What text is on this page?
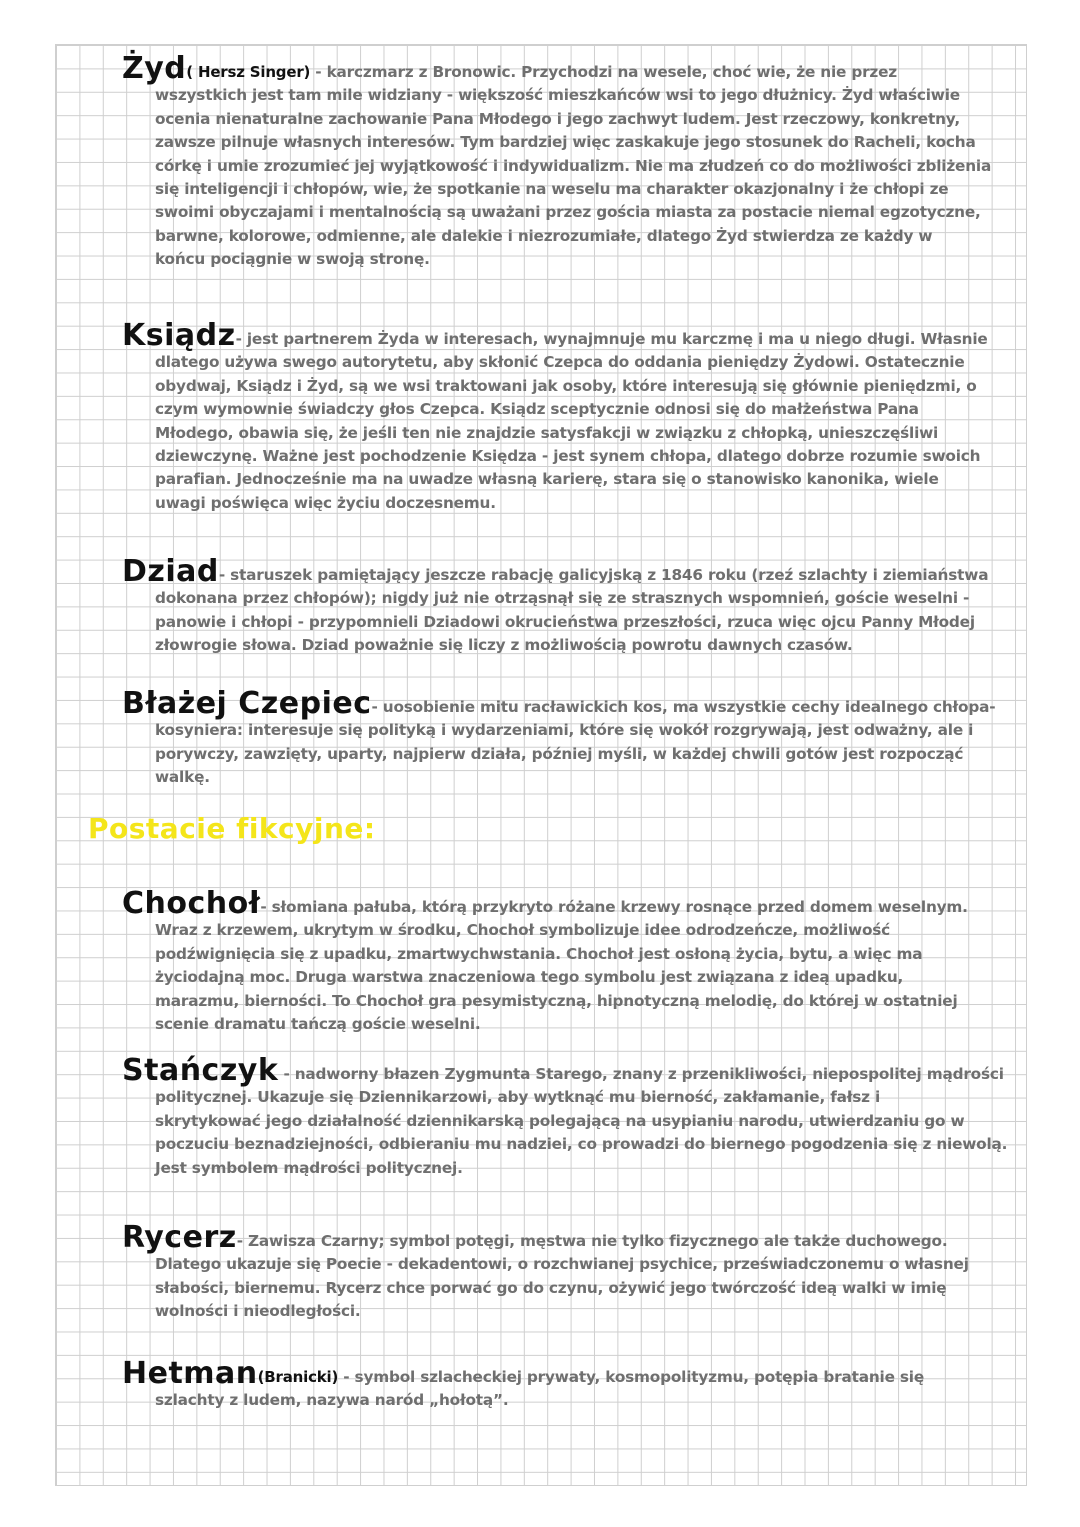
Żyd( Hersz Singer) - karczmarz z Bronowic. Przychodzi na wesele, choć wie, że nie przez
wszystkich jest tam mile widziany - większość mieszkańców wsi to jego dłużnicy. Żyd właściwie
ocenia nienaturalne zachowanie Pana Młodego i jego zachwyt ludem. Jest rzeczowy, konkretny,
zawsze pilnuje własnych interesów. Tym bardziej więc zaskakuje jego stosunek do Racheli, kocha
córkę i umie zrozumieć jej wyjątkowość i indywidualizm. Nie ma złudzeń co do możliwości zbliżenia
się inteligencji i chłopów, wie, że spotkanie na weselu ma charakter okazjonalny i że chłopi ze
swoimi obyczajami i mentalnością są uważani przez gościa miasta za postacie niemal egzotyczne,
barwne, kolorowe, odmienne, ale dalekie i niezrozumiałe, dlatego Żyd stwierdza ze każdy w
końcu pociągnie w swoją stronę.
Ksiądz- jest partnerem Żyda w interesach, wynajmnuje mu karczmę i ma u niego długi. Własnie
dlatego używa swego autorytetu, aby skłonić Czepca do oddania pieniędzy Żydowi. Ostatecznie
obydwaj, Ksiądz i Żyd, są we wsi traktowani jak osoby, które interesują się głównie pieniędzmi, o
czym wymownie świadczy głos Czepca. Ksiądz sceptycznie odnosi się do małżeństwa Pana
Młodego, obawia się, że jeśli ten nie znajdzie satysfakcji w związku z chłopką, unieszczęśliwi
dziewczynę. Ważne jest pochodzenie Księdza - jest synem chłopa, dlatego dobrze rozumie swoich
parafian. Jednocześnie ma na uwadze własną karierę, stara się o stanowisko kanonika, wiele
uwagi poświęca więc życiu doczesnemu.
Dziad- staruszek pamiętający jeszcze rabację galicyjską z 1846 roku (rzeź szlachty i ziemiaństwa
dokonana przez chłopów); nigdy już nie otrząsnął się ze strasznych wspomnień, goście weselni -
panowie i chłopi - przypomnieli Dziadowi okrucieństwa przeszłości, rzuca więc ojcu Panny Młodej
złowrogie słowa. Dziad poważnie się liczy z możliwością powrotu dawnych czasów.
Błażej Czepiec- uosobienie mitu racławickich kos, ma wszystkie cechy idealnego chłopa-
kosyniera: interesuje się polityką i wydarzeniami, które się wokół rozgrywają, jest odważny, ale i
porywczy, zawzięty, uparty, najpierw działa, później myśli, w każdej chwili gotów jest rozpocząć
walkę.
Postacie fikcyjne:
Chochoł- słomiana pałuba, którą przykryto różane krzewy rosnące przed domem weselnym.
Wraz z krzewem, ukrytym w środku, Chochoł symbolizuje idee odrodzeńcze, możliwość
podźwignięcia się z upadku, zmartwychwstania. Chochoł jest osłoną życia, bytu, a więc ma
życiodajną moc. Druga warstwa znaczeniowa tego symbolu jest związana z ideą upadku,
marazmu, bierności. To Chochoł gra pesymistyczną, hipnotyczną melodię, do której w ostatniej
scenie dramatu tańczą goście weselni.
Stańczyk - nadworny błazen Zygmunta Starego, znany z przenikliwości, niepospolitej mądrości
politycznej. Ukazuje się Dziennikarzowi, aby wytknąć mu bierność, zakłamanie, fałsz i
skrytykować jego działalność dziennikarską polegającą na usypianiu narodu, utwierdzaniu go w
poczuciu beznadziejności, odbieraniu mu nadziei, co prowadzi do biernego pogodzenia się z niewolą.
Jest symbolem mądrości politycznej.
Rycerz- Zawisza Czarny; symbol potęgi, męstwa nie tylko fizycznego ale także duchowego.
Dlatego ukazuje się Poecie - dekadentowi, o rozchwianej psychice, przeświadczonemu o własnej
słabości, biernemu. Rycerz chce porwać go do czynu, ożywić jego twórczość ideą walki w imię
wolności i nieodległości.
Hetman(Branicki) - symbol szlacheckiej prywaty, kosmopolityzmu, potępia bratanie się
szlachty z ludem, nazywa naród „hołotą”.
